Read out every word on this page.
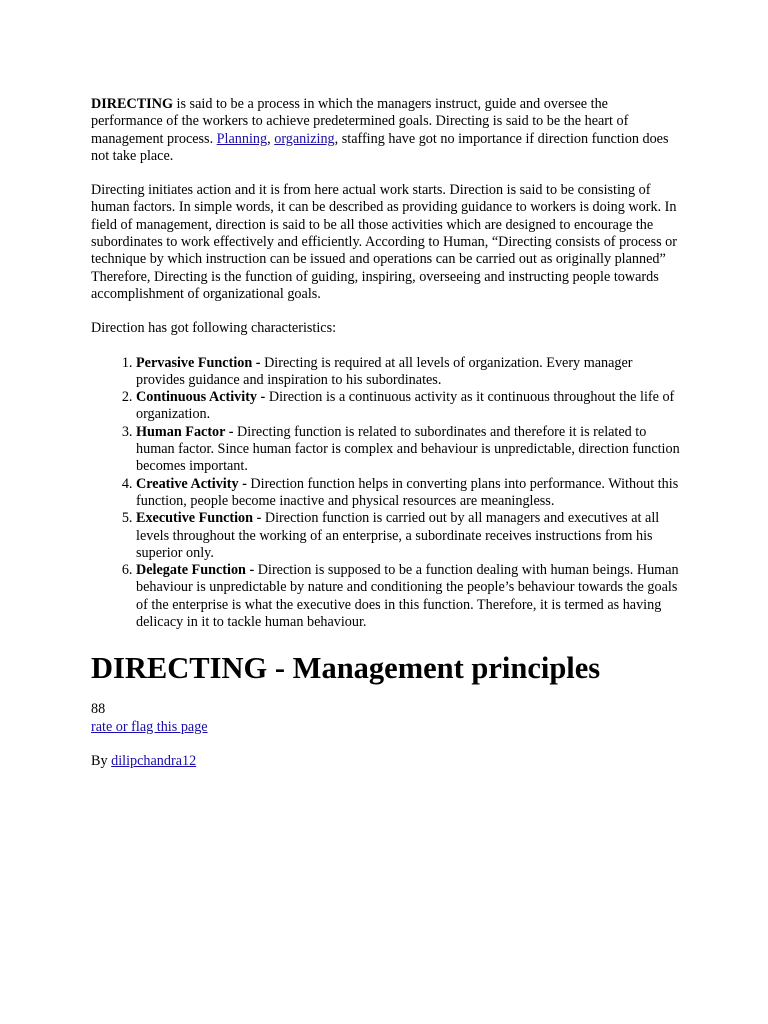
DIRECTING is said to be a process in which the managers instruct, guide and oversee the performance of the workers to achieve predetermined goals. Directing is said to be the heart of management process. Planning, organizing, staffing have got no importance if direction function does not take place.

Directing initiates action and it is from here actual work starts. Direction is said to be consisting of human factors. In simple words, it can be described as providing guidance to workers is doing work. In field of management, direction is said to be all those activities which are designed to encourage the subordinates to work effectively and efficiently. According to Human, “Directing consists of process or technique by which instruction can be issued and operations can be carried out as originally planned” Therefore, Directing is the function of guiding, inspiring, overseeing and instructing people towards accomplishment of organizational goals.

Direction has got following characteristics:

1. Pervasive Function - Directing is required at all levels of organization. Every manager provides guidance and inspiration to his subordinates.
2. Continuous Activity - Direction is a continuous activity as it continuous throughout the life of organization.
3. Human Factor - Directing function is related to subordinates and therefore it is related to human factor. Since human factor is complex and behaviour is unpredictable, direction function becomes important.
4. Creative Activity - Direction function helps in converting plans into performance. Without this function, people become inactive and physical resources are meaningless.
5. Executive Function - Direction function is carried out by all managers and executives at all levels throughout the working of an enterprise, a subordinate receives instructions from his superior only.
6. Delegate Function - Direction is supposed to be a function dealing with human beings. Human behaviour is unpredictable by nature and conditioning the people’s behaviour towards the goals of the enterprise is what the executive does in this function. Therefore, it is termed as having delicacy in it to tackle human behaviour.
DIRECTING - Management principles

88

rate or flag this page

By dilipchandra12
